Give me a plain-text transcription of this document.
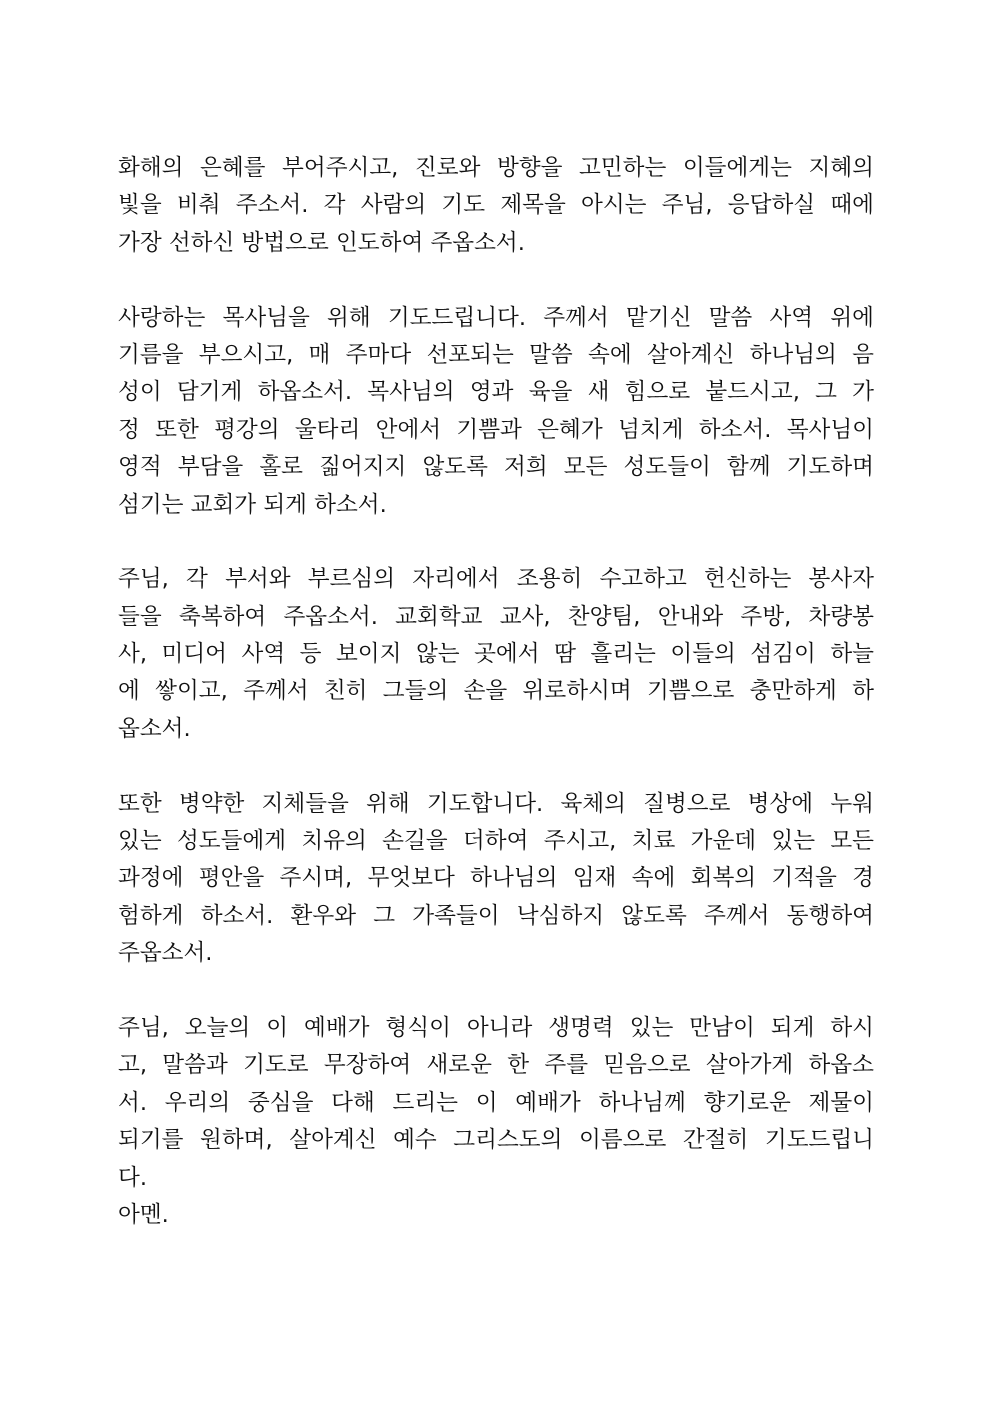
화해의 은혜를 부어주시고, 진로와 방향을 고민하는 이들에게는 지혜의
빛을 비춰 주소서. 각 사람의 기도 제목을 아시는 주님, 응답하실 때에
가장 선하신 방법으로 인도하여 주옵소서.
사랑하는 목사님을 위해 기도드립니다. 주께서 맡기신 말씀 사역 위에
기름을 부으시고, 매 주마다 선포되는 말씀 속에 살아계신 하나님의 음
성이 담기게 하옵소서. 목사님의 영과 육을 새 힘으로 붙드시고, 그 가
정 또한 평강의 울타리 안에서 기쁨과 은혜가 넘치게 하소서. 목사님이
영적 부담을 홀로 짊어지지 않도록 저희 모든 성도들이 함께 기도하며
섬기는 교회가 되게 하소서.
주님, 각 부서와 부르심의 자리에서 조용히 수고하고 헌신하는 봉사자
들을 축복하여 주옵소서. 교회학교 교사, 찬양팀, 안내와 주방, 차량봉
사, 미디어 사역 등 보이지 않는 곳에서 땀 흘리는 이들의 섬김이 하늘
에 쌓이고, 주께서 친히 그들의 손을 위로하시며 기쁨으로 충만하게 하
옵소서.
또한 병약한 지체들을 위해 기도합니다. 육체의 질병으로 병상에 누워
있는 성도들에게 치유의 손길을 더하여 주시고, 치료 가운데 있는 모든
과정에 평안을 주시며, 무엇보다 하나님의 임재 속에 회복의 기적을 경
험하게 하소서. 환우와 그 가족들이 낙심하지 않도록 주께서 동행하여
주옵소서.
주님, 오늘의 이 예배가 형식이 아니라 생명력 있는 만남이 되게 하시
고, 말씀과 기도로 무장하여 새로운 한 주를 믿음으로 살아가게 하옵소
서. 우리의 중심을 다해 드리는 이 예배가 하나님께 향기로운 제물이
되기를 원하며, 살아계신 예수 그리스도의 이름으로 간절히 기도드립니
다.
아멘.
